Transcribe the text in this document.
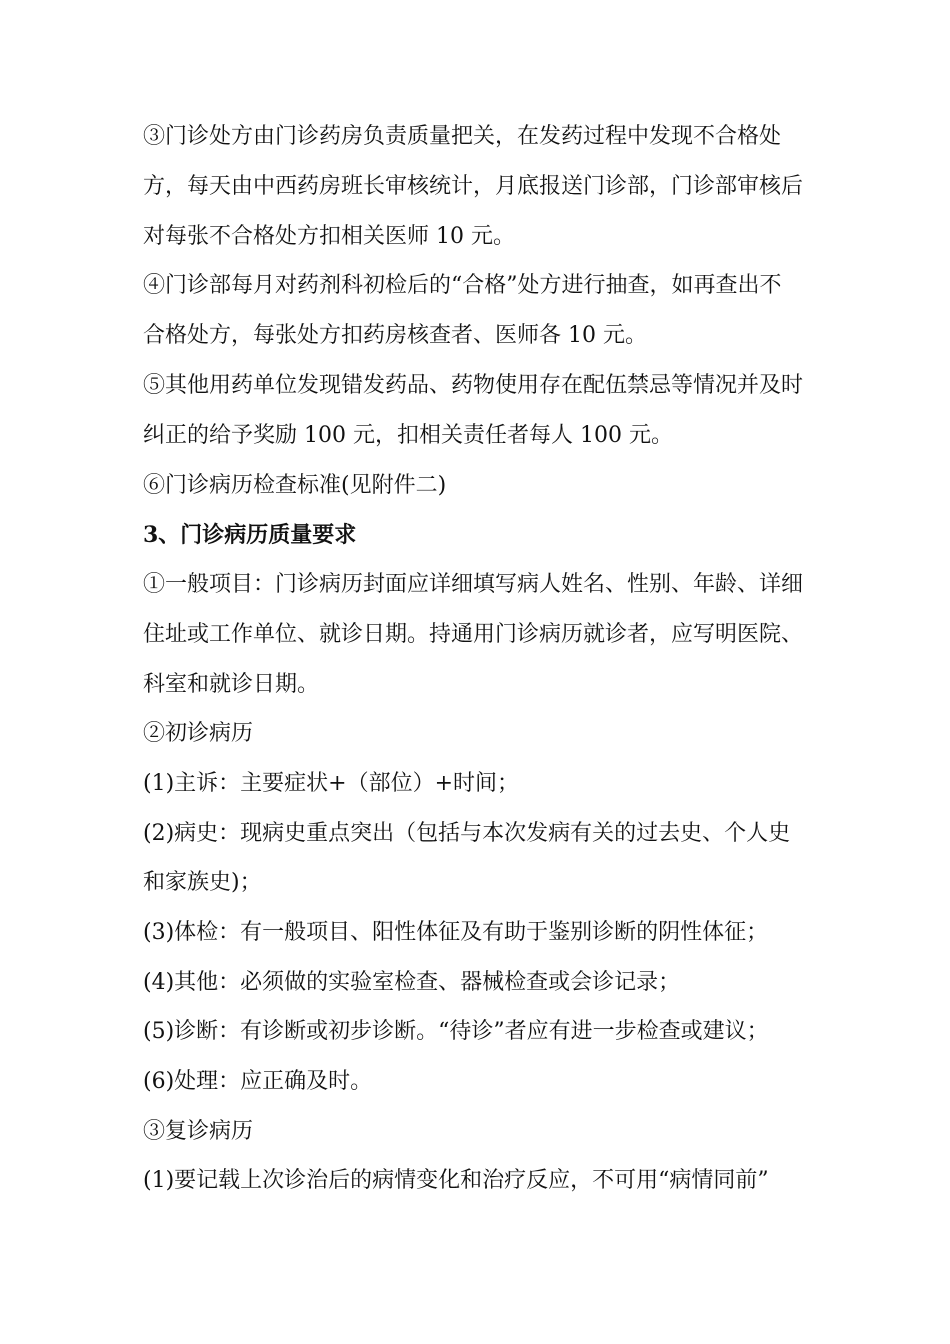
③门诊处方由门诊药房负责质量把关，在发药过程中发现不合格处
方，每天由中西药房班长审核统计，月底报送门诊部，门诊部审核后
对每张不合格处方扣相关医师 10 元。
④门诊部每月对药剂科初检后的“合格”处方进行抽查，如再查出不
合格处方，每张处方扣药房核查者、医师各 10 元。
⑤其他用药单位发现错发药品、药物使用存在配伍禁忌等情况并及时
纠正的给予奖励 100 元，扣相关责任者每人 100 元。
⑥门诊病历检查标准(见附件二)
3、门诊病历质量要求
①一般项目：门诊病历封面应详细填写病人姓名、性别、年龄、详细
住址或工作单位、就诊日期。持通用门诊病历就诊者，应写明医院、
科室和就诊日期。
②初诊病历
(1)主诉：主要症状+（部位）+时间；
(2)病史：现病史重点突出（包括与本次发病有关的过去史、个人史
和家族史)；
(3)体检：有一般项目、阳性体征及有助于鉴别诊断的阴性体征；
(4)其他：必须做的实验室检查、器械检查或会诊记录；
(5)诊断：有诊断或初步诊断。“待诊”者应有进一步检查或建议；
(6)处理：应正确及时。
③复诊病历
(1)要记载上次诊治后的病情变化和治疗反应，不可用“病情同前”
